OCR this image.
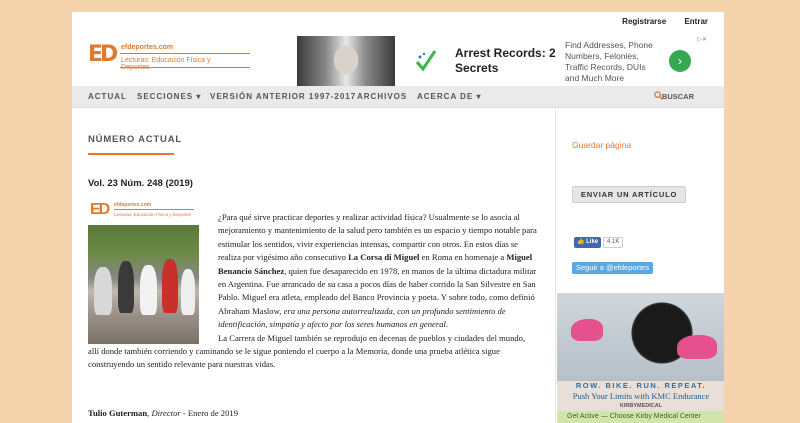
Registrarse Entrar
ED efdeportes.com
Lecturas: Educación Física y
Arrest Records: 2 Secrets
Find Addresses, Phone Numbers, Felonies, Traffic Records, DUIs and Much More
›
▷✕
ACTUAL SECCIONES ▾ VERSIÓN ANTERIOR 1997-2017 ARCHIVOS ACERCA DE ▾	BUSCAR
NÚMERO ACTUAL
Vol. 23 Núm. 248 (2019)
ED efdeportes.com
Lecturas: Educación Física y Deportes	¿Para qué sirve practicar deportes y realizar actividad física? Usualmente se lo asocia al mejoramiento y mantenimiento de la salud pero también es un espacio y tiempo notable para estimular los sentidos, vivir experiencias intensas, compartir con otros. En estos días se realiza por vigésimo año consecutivo La Corsa di Miguel en Roma en homenaje a Miguel Benancio Sánchez, quien fue desaparecido en 1978, en manos de la última dictadura militar en Argentina. Fue arrancado de su casa a pocos días de haber corrido la San Silvestre en San Pablo. Miguel era atleta, empleado del Banco Provincia y poeta. Y sobre todo, como definió Abraham Maslow, era una persona autorrealizada, con un profundo sentimiento de identificación, simpatía y afecto por los seres humanos en general.

La Carrera de Miguel también se reprodujo en decenas de pueblos y ciudades del mundo, allí donde también corriendo y caminando se le sigue poniendo el cuerpo a la Memoria, donde una prueba atlética sigue construyendo un sentido relevante para nuestras vidas.

Tulio Guterman, Director - Enero de 2019
Guardar página
ENVIAR UN ARTÍCULO
👍 Like	4.1K
Seguir a @efdeportes
ROW. BIKE. RUN. REPEAT.
Push Your Limits with KMC Endurance
KIRBYMEDICAL
Get Active — Choose Kirby Medical Center
